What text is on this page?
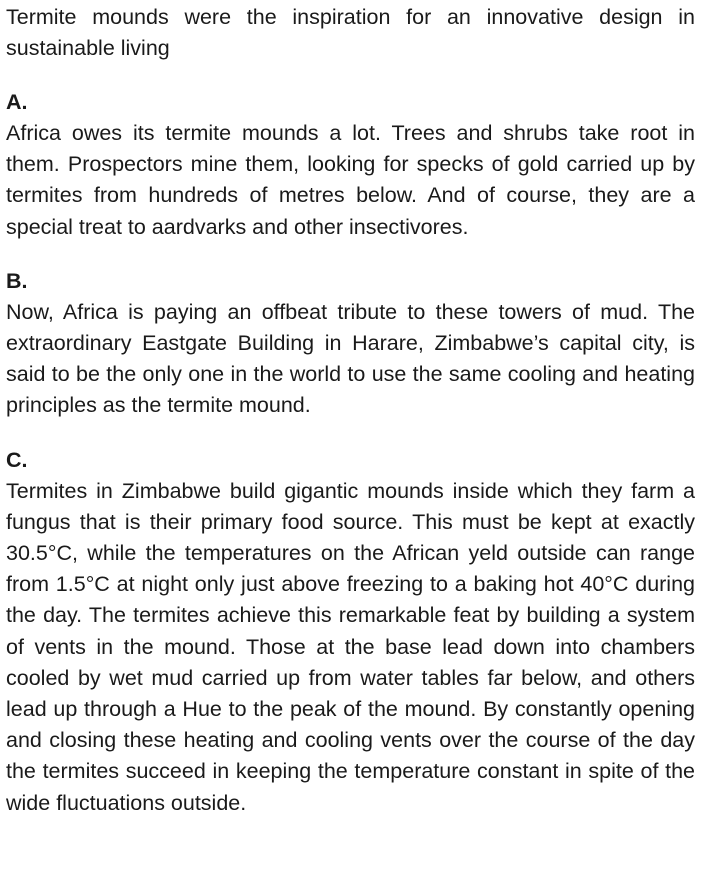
Termite mounds were the inspiration for an innovative design in sustainable living

A.

Africa owes its termite mounds a lot. Trees and shrubs take root in them. Prospectors mine them, looking for specks of gold carried up by termites from hundreds of metres below. And of course, they are a special treat to aardvarks and other insectivores.

B.

Now, Africa is paying an offbeat tribute to these towers of mud. The extraordinary Eastgate Building in Harare, Zimbabwe’s capital city, is said to be the only one in the world to use the same cooling and heating principles as the termite mound.

C.

Termites in Zimbabwe build gigantic mounds inside which they farm a fungus that is their primary food source. This must be kept at exactly 30.5°C, while the temperatures on the African yeld outside can range from 1.5°C at night only just above freezing to a baking hot 40°C during the day. The termites achieve this remarkable feat by building a system of vents in the mound. Those at the base lead down into chambers cooled by wet mud carried up from water tables far below, and others lead up through a Hue to the peak of the mound. By constantly opening and closing these heating and cooling vents over the course of the day the termites succeed in keeping the temperature constant in spite of the wide fluctuations outside.
